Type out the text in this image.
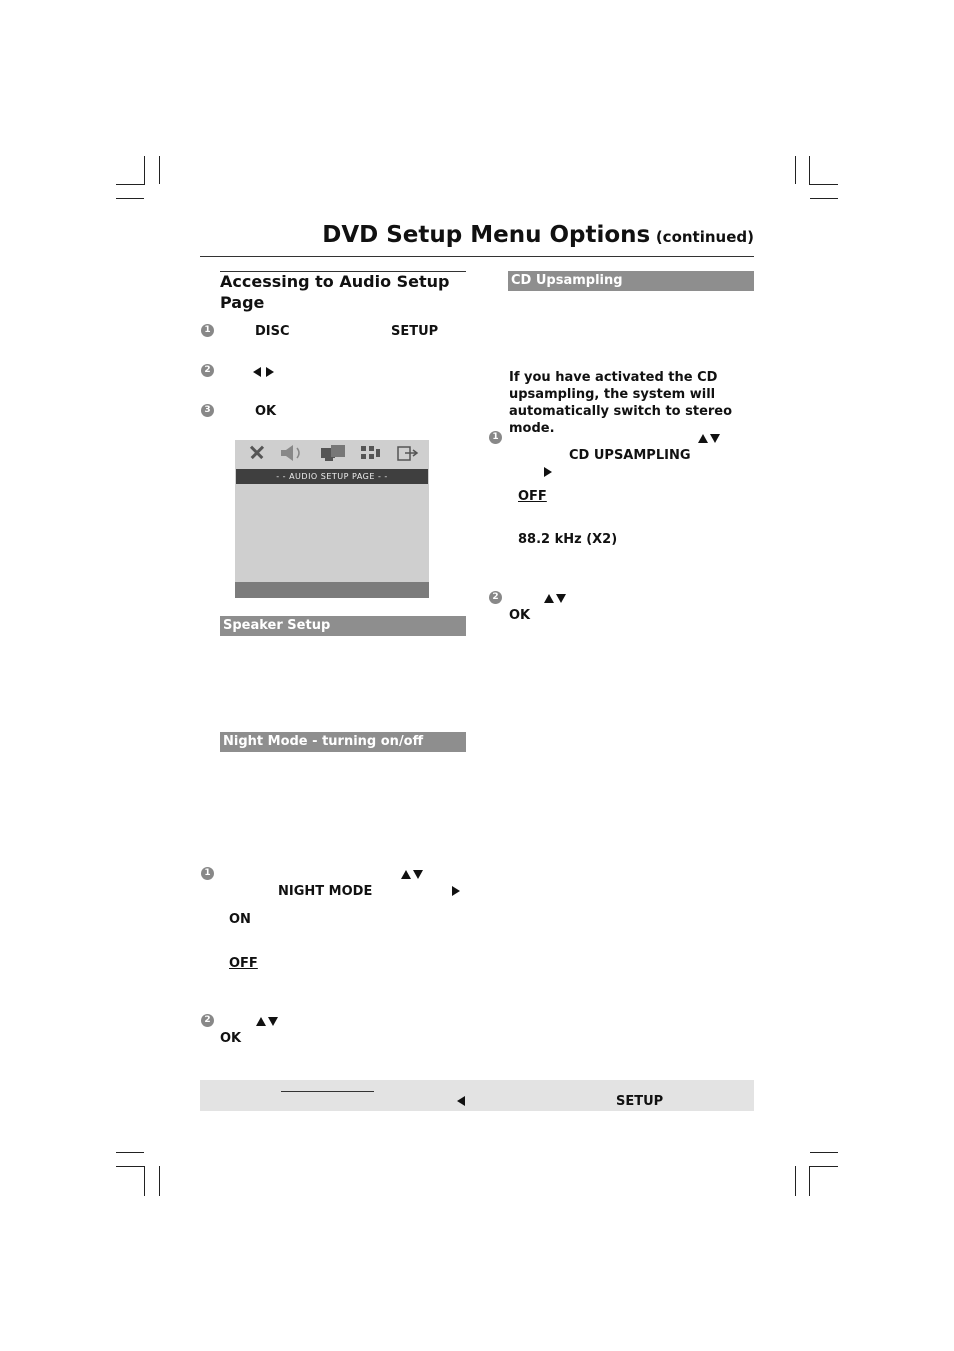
DVD Setup Menu Options (continued)
Accessing to Audio Setup Page
1	DISC	SETUP
2
3	OK
- - AUDIO SETUP PAGE - -
Speaker Setup
Night Mode - turning on/off
1
NIGHT MODE
ON
OFF
2
OK
CD Upsampling
If you have activated the CD upsampling, the system will automatically switch to stereo mode.
1
CD UPSAMPLING
OFF
88.2 kHz (X2)
2
OK
SETUP
